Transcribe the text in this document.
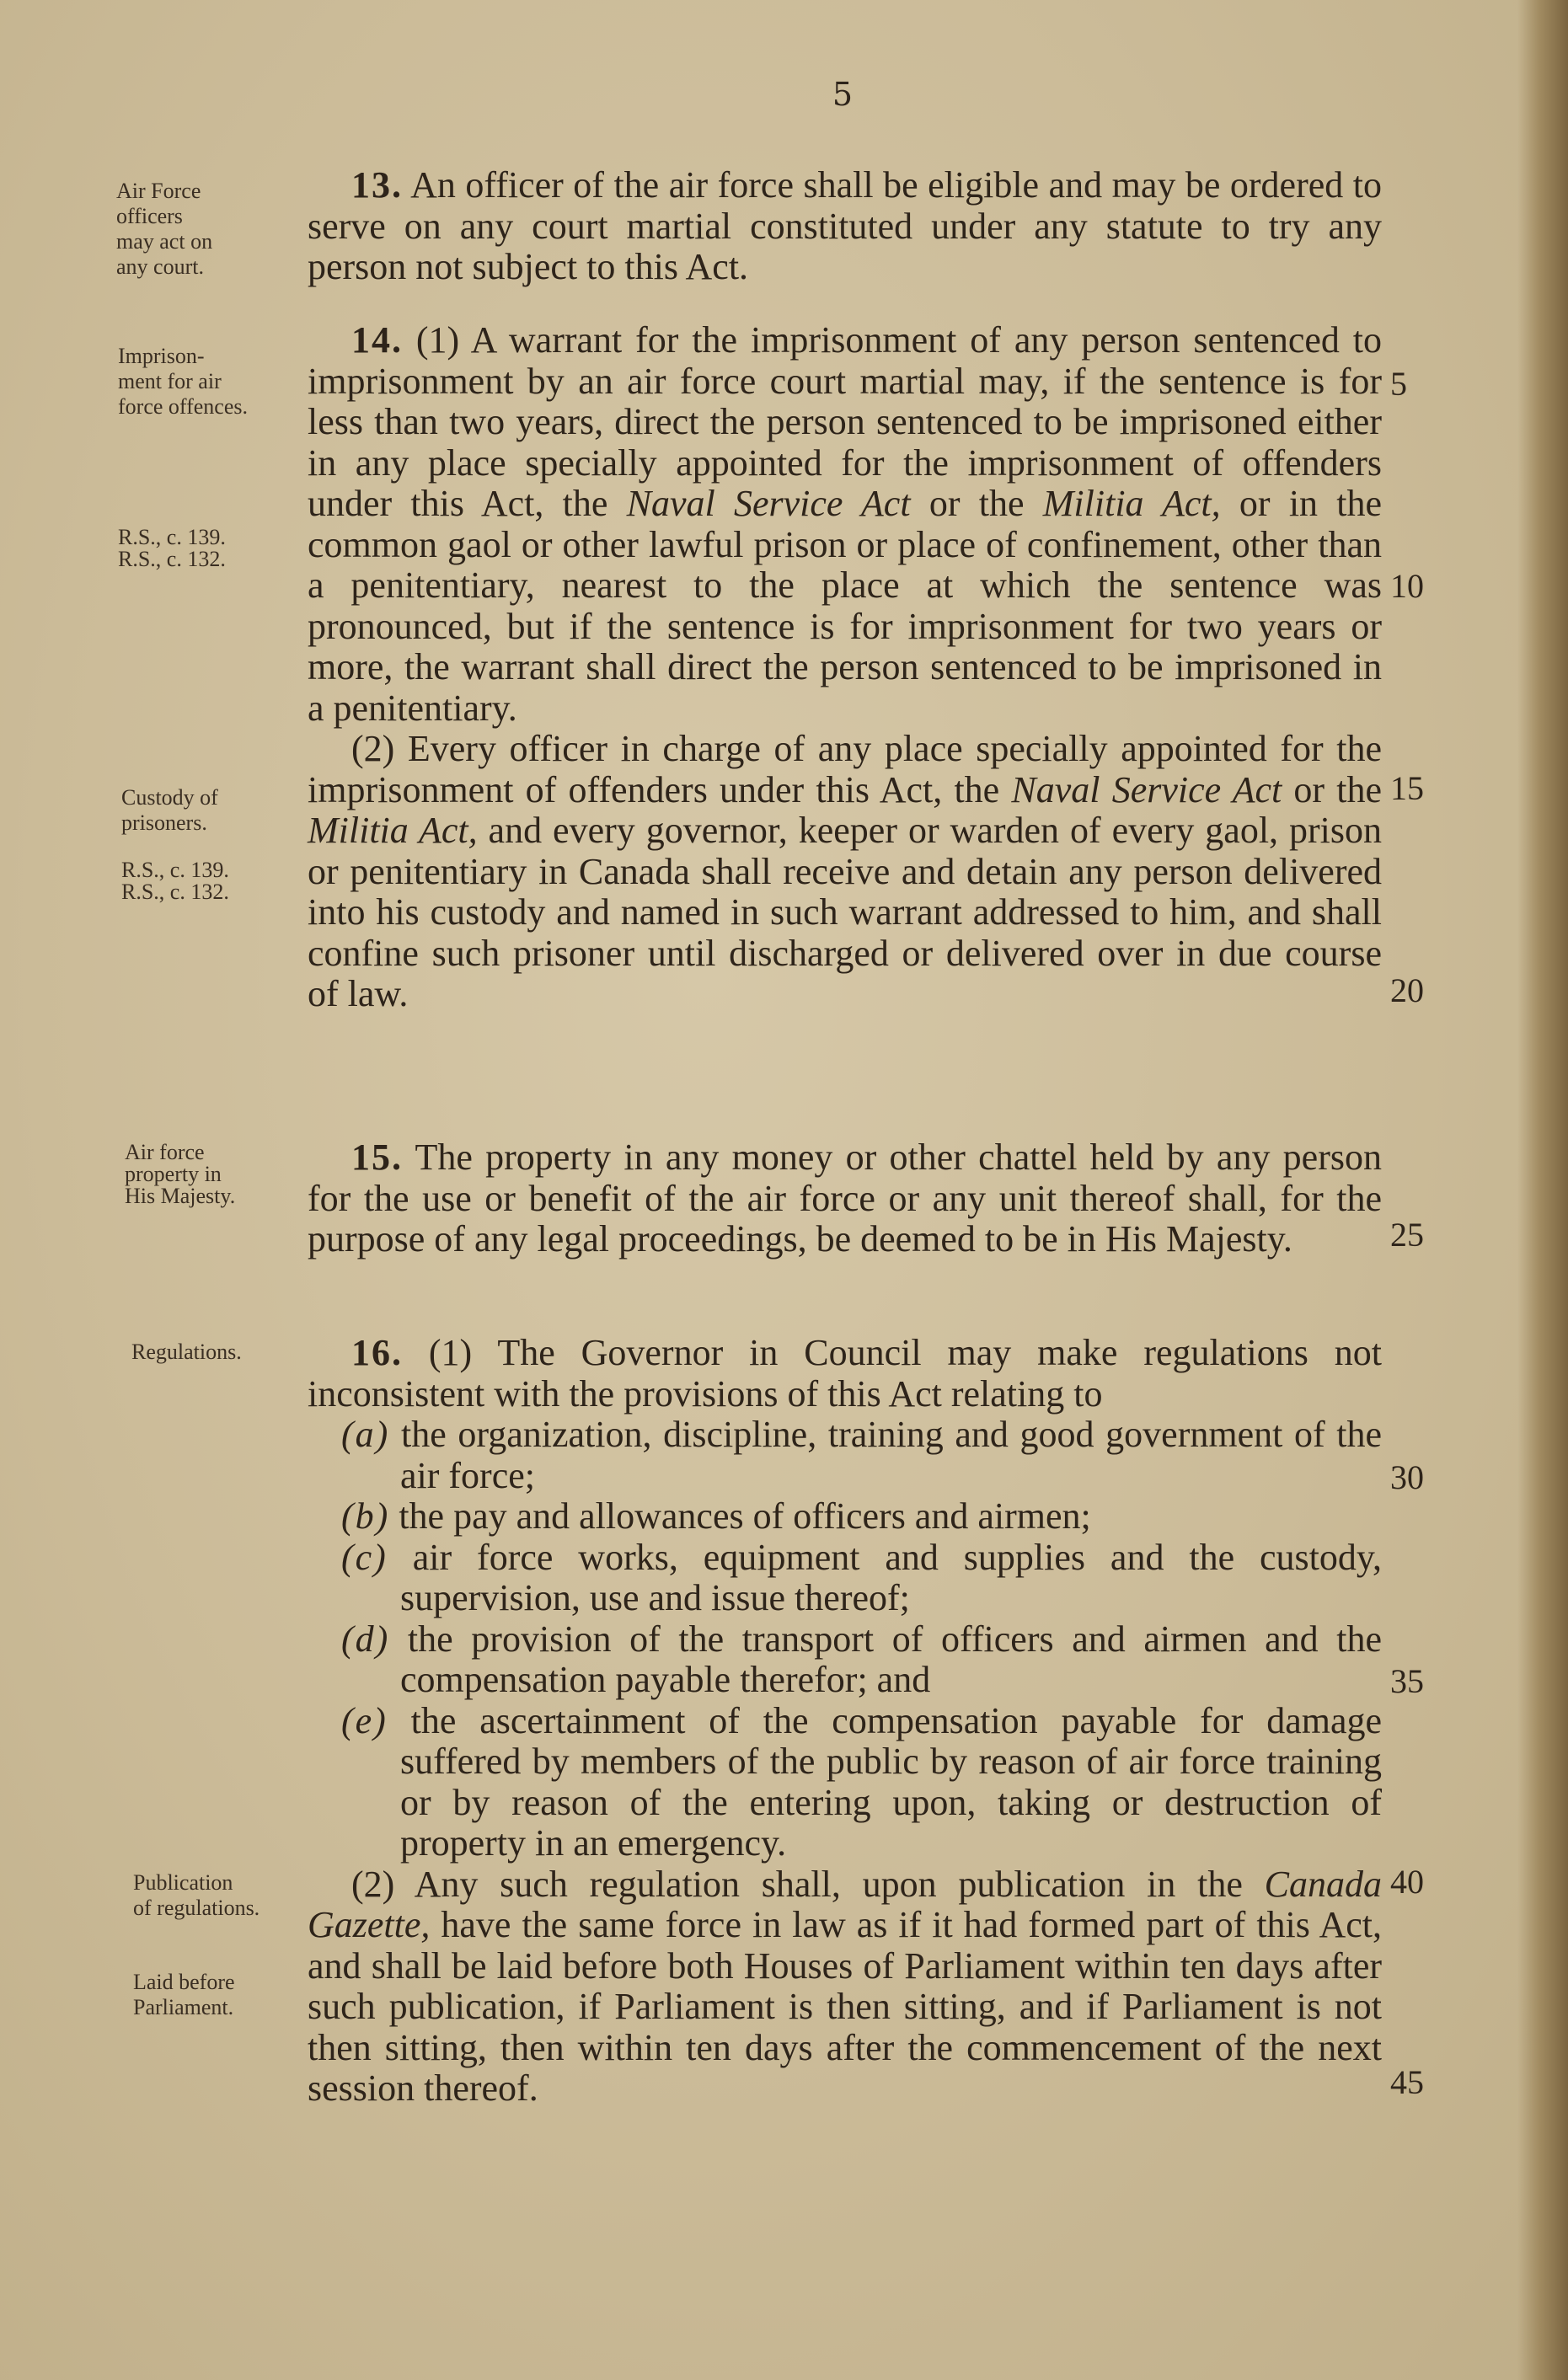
5
Air Force
officers
may act on
any court.
Imprison-
ment for air
force offences.
R.S., c. 139.
R.S., c. 132.
Custody of
prisoners.
R.S., c. 139.
R.S., c. 132.
Air force
property in
His Majesty.
Regulations.
Publication
of regulations.
Laid before
Parliament.

13. An officer of the air force shall be eligible and may be ordered to serve on any court martial constituted under any statute to try any person not subject to this Act.

14. (1) A warrant for the imprisonment of any person sentenced to imprisonment by an air force court martial may, if the sentence is for less than two years, direct the person sentenced to be imprisoned either in any place specially appointed for the imprisonment of offenders under this Act, the Naval Service Act or the Militia Act, or in the common gaol or other lawful prison or place of confinement, other than a penitentiary, nearest to the place at which the sentence was pronounced, but if the sentence is for imprisonment for two years or more, the warrant shall direct the person sentenced to be imprisoned in a penitentiary.

(2) Every officer in charge of any place specially appointed for the imprisonment of offenders under this Act, the Naval Service Act or the Militia Act, and every governor, keeper or warden of every gaol, prison or penitentiary in Canada shall receive and detain any person delivered into his custody and named in such warrant addressed to him, and shall confine such prisoner until discharged or delivered over in due course of law.

15. The property in any money or other chattel held by any person for the use or benefit of the air force or any unit thereof shall, for the purpose of any legal proceedings, be deemed to be in His Majesty.

16. (1) The Governor in Council may make regulations not inconsistent with the provisions of this Act relating to

(a) the organization, discipline, training and good government of the air force;
(b) the pay and allowances of officers and airmen;
(c) air force works, equipment and supplies and the custody, supervision, use and issue thereof;
(d) the provision of the transport of officers and airmen and the compensation payable therefor; and
(e) the ascertainment of the compensation payable for damage suffered by members of the public by reason of air force training or by reason of the entering upon, taking or destruction of property in an emergency.

(2) Any such regulation shall, upon publication in the Canada Gazette, have the same force in law as if it had formed part of this Act, and shall be laid before both Houses of Parliament within ten days after such publication, if Parliament is then sitting, and if Parliament is not then sitting, then within ten days after the commencement of the next session thereof.

5
10
15
20
25
30
35
40
45
